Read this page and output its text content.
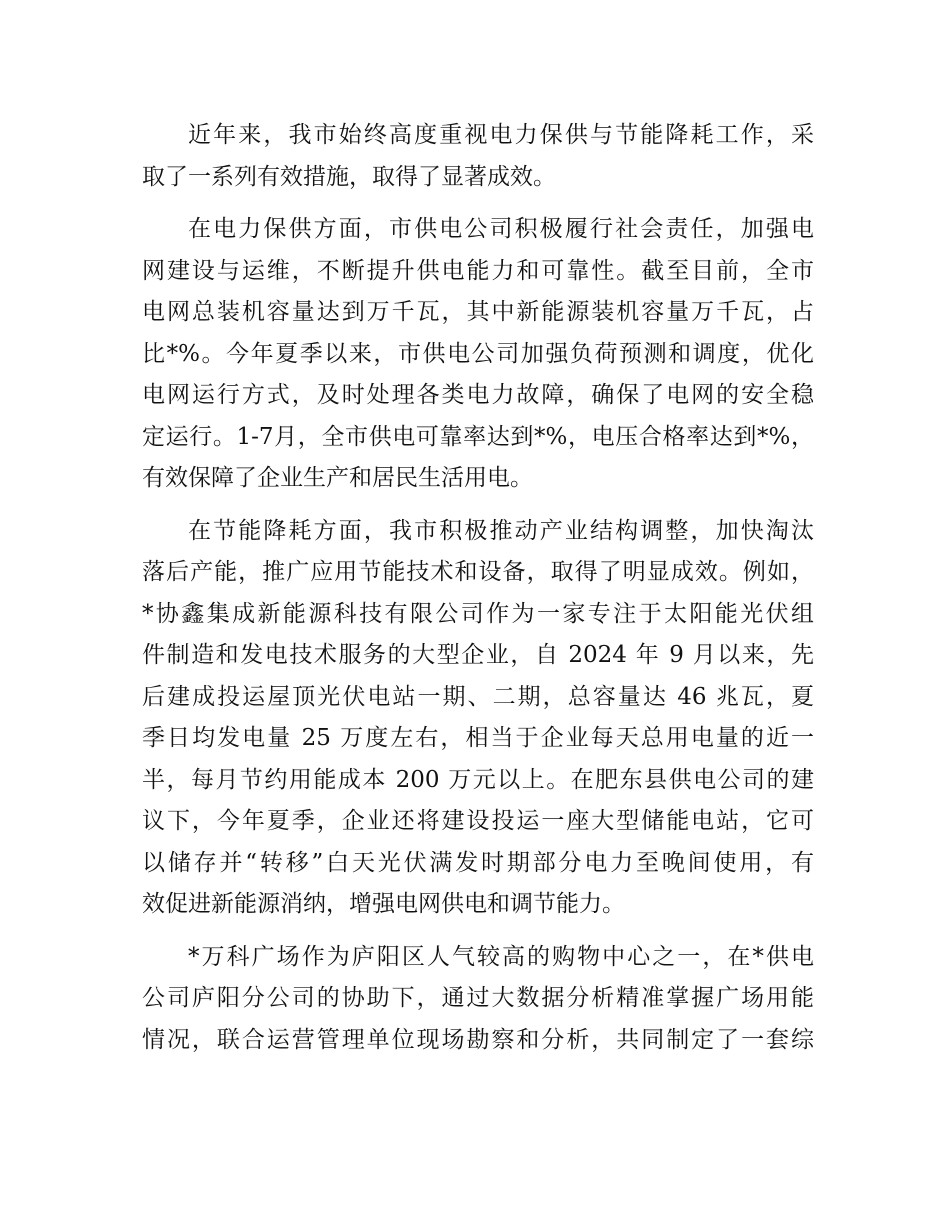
近年来，我市始终高度重视电力保供与节能降耗工作，采
取了一系列有效措施，取得了显著成效。
在电力保供方面，市供电公司积极履行社会责任，加强电
网建设与运维，不断提升供电能力和可靠性。截至目前，全市
电网总装机容量达到万千瓦，其中新能源装机容量万千瓦，占
比*%。今年夏季以来，市供电公司加强负荷预测和调度，优化
电网运行方式，及时处理各类电力故障，确保了电网的安全稳
定运行。1-7月，全市供电可靠率达到*%，电压合格率达到*%，
有效保障了企业生产和居民生活用电。
在节能降耗方面，我市积极推动产业结构调整，加快淘汰
落后产能，推广应用节能技术和设备，取得了明显成效。例如，
*协鑫集成新能源科技有限公司作为一家专注于太阳能光伏组
件制造和发电技术服务的大型企业，自 2024 年 9 月以来，先
后建成投运屋顶光伏电站一期、二期，总容量达 46 兆瓦，夏
季日均发电量 25 万度左右，相当于企业每天总用电量的近一
半，每月节约用能成本 200 万元以上。在肥东县供电公司的建
议下，今年夏季，企业还将建设投运一座大型储能电站，它可
以储存并“转移”白天光伏满发时期部分电力至晚间使用，有
效促进新能源消纳，增强电网供电和调节能力。
*万科广场作为庐阳区人气较高的购物中心之一，在*供电
公司庐阳分公司的协助下，通过大数据分析精准掌握广场用能
情况，联合运营管理单位现场勘察和分析，共同制定了一套综
